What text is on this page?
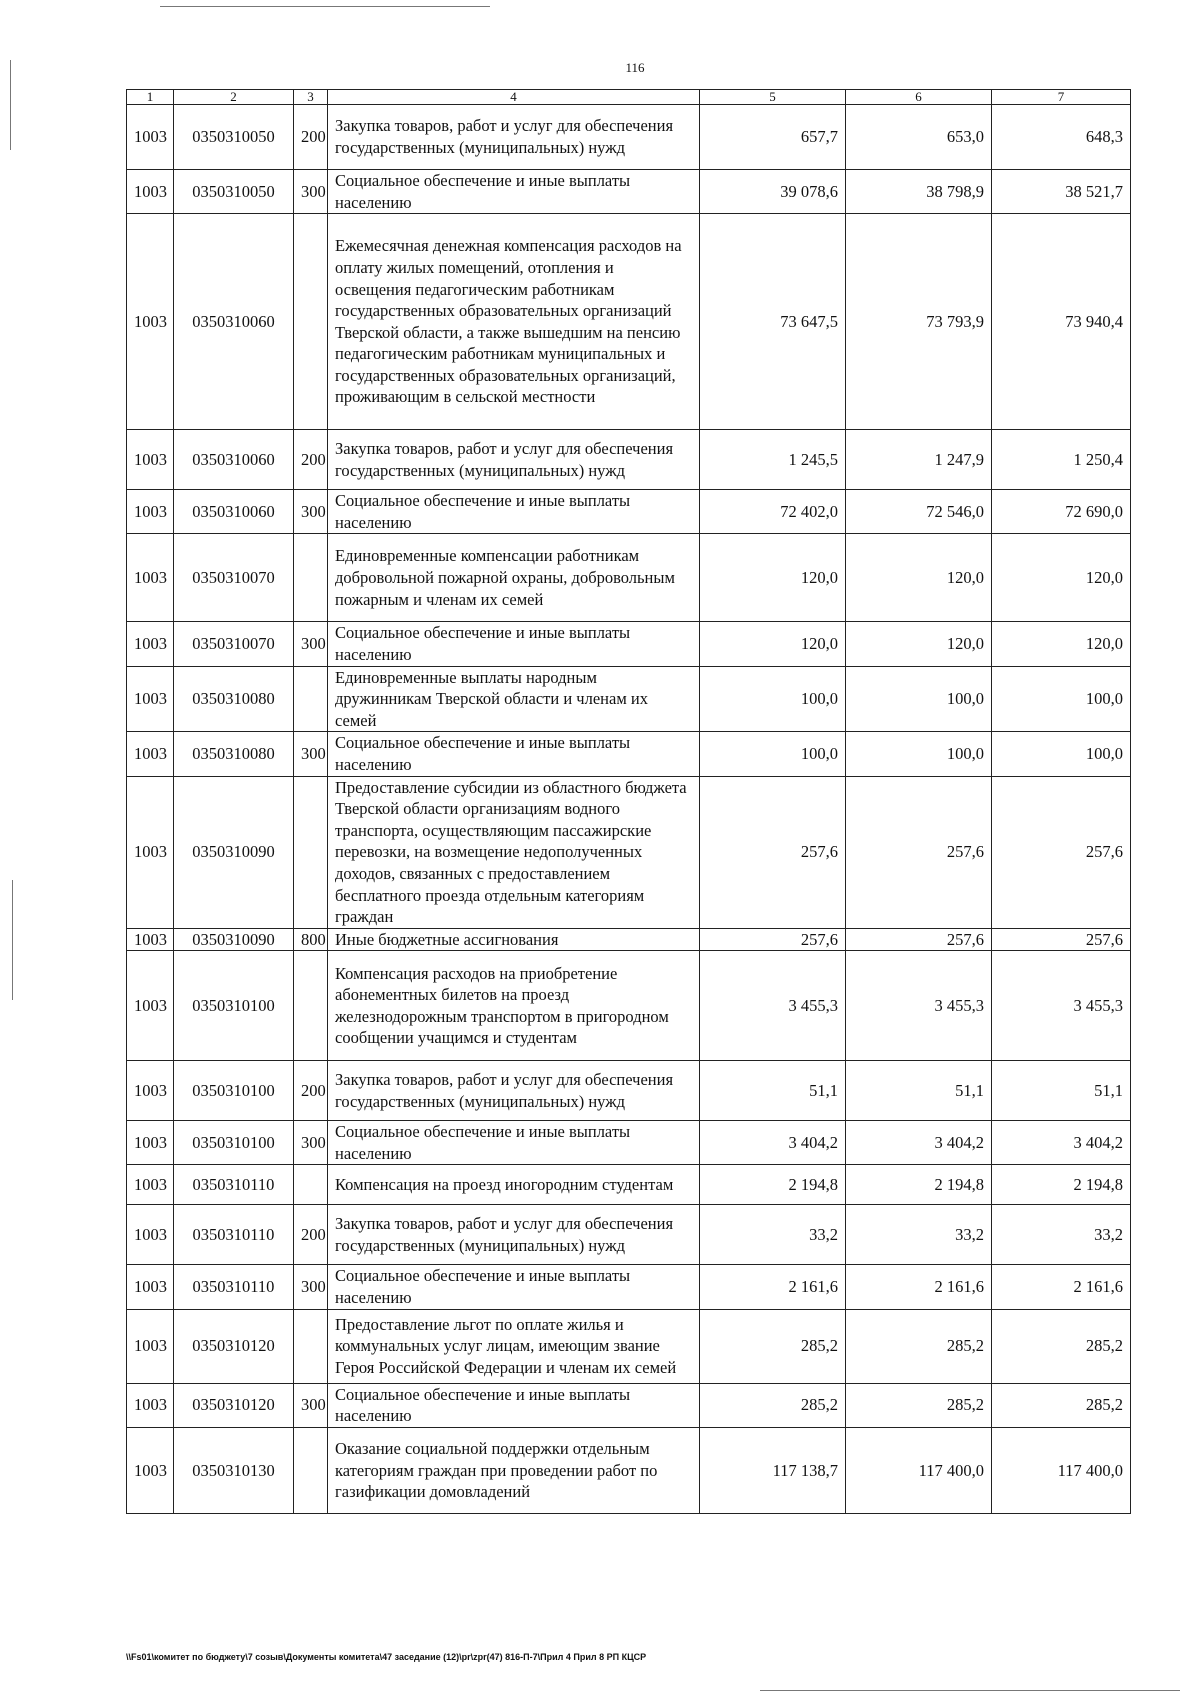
116
1	2	3	4	5	6	7
1003	0350310050	200	Закупка товаров, работ и услуг для обеспечения государственных (муниципальных) нужд	657,7	653,0	648,3
1003	0350310050	300	Социальное обеспечение и иные выплаты населению	39 078,6	38 798,9	38 521,7
1003	0350310060		Ежемесячная денежная компенсация расходов на оплату жилых помещений, отопления и освещения педагогическим работникам государственных образовательных организаций Тверской области, а также вышедшим на пенсию педагогическим работникам муниципальных и государственных образовательных организаций, проживающим в сельской местности	73 647,5	73 793,9	73 940,4
1003	0350310060	200	Закупка товаров, работ и услуг для обеспечения государственных (муниципальных) нужд	1 245,5	1 247,9	1 250,4
1003	0350310060	300	Социальное обеспечение и иные выплаты населению	72 402,0	72 546,0	72 690,0
1003	0350310070		Единовременные компенсации работникам добровольной пожарной охраны, добровольным пожарным и членам их семей	120,0	120,0	120,0
1003	0350310070	300	Социальное обеспечение и иные выплаты населению	120,0	120,0	120,0
1003	0350310080		Единовременные выплаты народным дружинникам Тверской области и членам их семей	100,0	100,0	100,0
1003	0350310080	300	Социальное обеспечение и иные выплаты населению	100,0	100,0	100,0
1003	0350310090		Предоставление субсидии из областного бюджета Тверской области организациям водного транспорта, осуществляющим пассажирские перевозки, на возмещение недополученных доходов, связанных с предоставлением бесплатного проезда отдельным категориям граждан	257,6	257,6	257,6
1003	0350310090	800	Иные бюджетные ассигнования	257,6	257,6	257,6
1003	0350310100		Компенсация расходов на приобретение абонементных билетов на проезд железнодорожным транспортом в пригородном сообщении учащимся и студентам	3 455,3	3 455,3	3 455,3
1003	0350310100	200	Закупка товаров, работ и услуг для обеспечения государственных (муниципальных) нужд	51,1	51,1	51,1
1003	0350310100	300	Социальное обеспечение и иные выплаты населению	3 404,2	3 404,2	3 404,2
1003	0350310110		Компенсация на проезд иногородним студентам	2 194,8	2 194,8	2 194,8
1003	0350310110	200	Закупка товаров, работ и услуг для обеспечения государственных (муниципальных) нужд	33,2	33,2	33,2
1003	0350310110	300	Социальное обеспечение и иные выплаты населению	2 161,6	2 161,6	2 161,6
1003	0350310120		Предоставление льгот по оплате жилья и коммунальных услуг лицам, имеющим звание Героя Российской Федерации и членам их семей	285,2	285,2	285,2
1003	0350310120	300	Социальное обеспечение и иные выплаты населению	285,2	285,2	285,2
1003	0350310130		Оказание социальной поддержки отдельным категориям граждан при проведении работ по газификации домовладений	117 138,7	117 400,0	117 400,0
\\Fs01\комитет по бюджету\7 созыв\Документы комитета\47 заседание (12)\pr\zpr(47) 816-П-7\Прил 4 Прил 8 РП КЦСР
